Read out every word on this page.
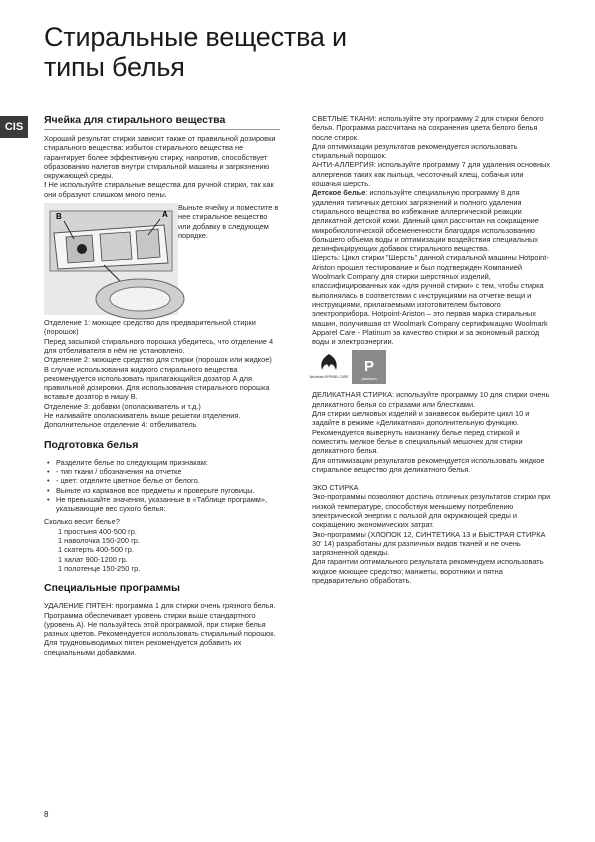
Стиральные вещества и
типы белья
CIS
Ячейка для стирального вещества

Хороший результат стирки зависит также от правильной дозировки стирального вещества: избыток стирального вещества не гарантирует более эффективную стирку, напротив, способствует образованию налетов внутри стиральной машины и загрязнению окружающей среды.

! Не используйте стиральные вещества для ручной стирки, так как они образуют слишком много пены.

B	A

Выньте ячейку и поместите в нее стиральное вещество или добавку в следующем порядке.

Отделение 1: моющее средство для предварительной стирки (порошок)

Перед засыпкой стирального порошка убедитесь, что отделение 4 для отбеливателя в нём не установлено.

Отделение 2: моющее средство для стирки (порошок или жидкое)

В случае использования жидкого стирального вещества рекомендуется использовать прилагающийся дозатор А для правильной дозировки. Для использования стирального порошка вставьте дозатор в нишу В.

Отделение 3: добавки (ополаскиватель и т.д.)

Не наливайте ополаскиватель выше решетки отделения.

Дополнительное отделение 4: отбеливатель

Подготовка белья
• Разделите белье по следующим признакам:
• - тип ткани / обозначения на отчетке
• - цвет: отделите цветное белье от белого.
• Выньте из карманов все предметы и проверьте пуговицы.
• Не превышайте значения, указанные в «Таблице программ», указывающие вес сухого белья:

Сколько весит белье?

1 простыня 400-500 гр.

1 наволочка 150-200 гр.

1 скатерть 400-500 гр.

1 халат 900-1200 гр.

1 полотенце 150-250 гр.

Специальные программы

УДАЛЕНИЕ ПЯТЕН: программа 1 для стирки очень грязного белья. Программа обеспечивает уровень стирки выше стандартного (уровень А). Не пользуйтесь этой программой, при стирке белья разных цветов. Рекомендуется использовать стиральный порошок. Для трудновыводимых пятен рекомендуется добавить их специальными добавками.

СВЕТЛЫЕ ТКАНИ: используйте эту программу 2 для стирки белого белья. Программа рассчитана на сохранения цвета белого белья после стирок.

Для оптимизации результатов рекомендуется использовать стиральный порошок.

АНТИ-АЛЛЕРГИЯ: используйте программу 7 для удаления основных аллергенов таких как пыльца, чесоточный клещ, собачья или кошачья шерсть.

Детское белье: используйте специальную программу 8 для удаления типичных детских загрязнений и полного удаления стирального вещества во избежание аллергической реакции деликатной детской кожи. Данный цикл рассчитан на сокращение микробиологической обсемененности благодаря использованию большего объема воды и оптимизации воздействия специальных дезинфицирующих добавок стирального вещества.

Шерсть: Цикл стирки "Шерсть" данной стиральной машины Hotpoint-Ariston прошел тестирование и был подтвержден Компанией Woolmark Company для стирки шерстяных изделий, классифицированных как «для ручной стирки» с тем, чтобы стирка выполнялась в соответствии с инструкциями на отчетке вещи и инструкциями, прилагаемыми изготовителем бытового электроприбора. Hotpoint-Ariston – это первая марка стиральных машин, получившая от Woolmark Company сертификацию Woolmark Apparel Care - Platinum за качество стирки и за экономный расход воды и электроэнергии.

Woolmark APPAREL CARE
P
platinum

ДЕЛИКАТНАЯ СТИРКА: используйте программу 10 для стирки очень деликатного белья со стразами или блестками.

Для стирки шелковых изделий и занавесок выберите цикл 10 и задайте в режиме «Деликатная» дополнительную функцию.

Рекомендуется вывернуть наизнанку белье перед стиркой и поместить мелкое белье в специальный мешочек для стирки деликатного белья.

Для оптимизации результатов рекомендуется использовать жидкое стиральное вещество для деликатного белья.

ЭКО СТИРКА

Эко-программы позволяют достичь отличных результатов стирки при низкой температуре, способствуя меньшему потреблению электрической энергии с пользой для окружающей среды и сокращению экономических затрат.

Эко-программы (ХЛОПОК 12, СИНТЕТИКА 13 и БЫСТРАЯ СТИРКА 30' 14) разработаны для различных видов тканей и не очень загрязненной одежды.

Для гарантии оптимального результата рекомендуем использовать жидкое моющее средство; манжеты, воротники и пятна предварительно обработать.

8
